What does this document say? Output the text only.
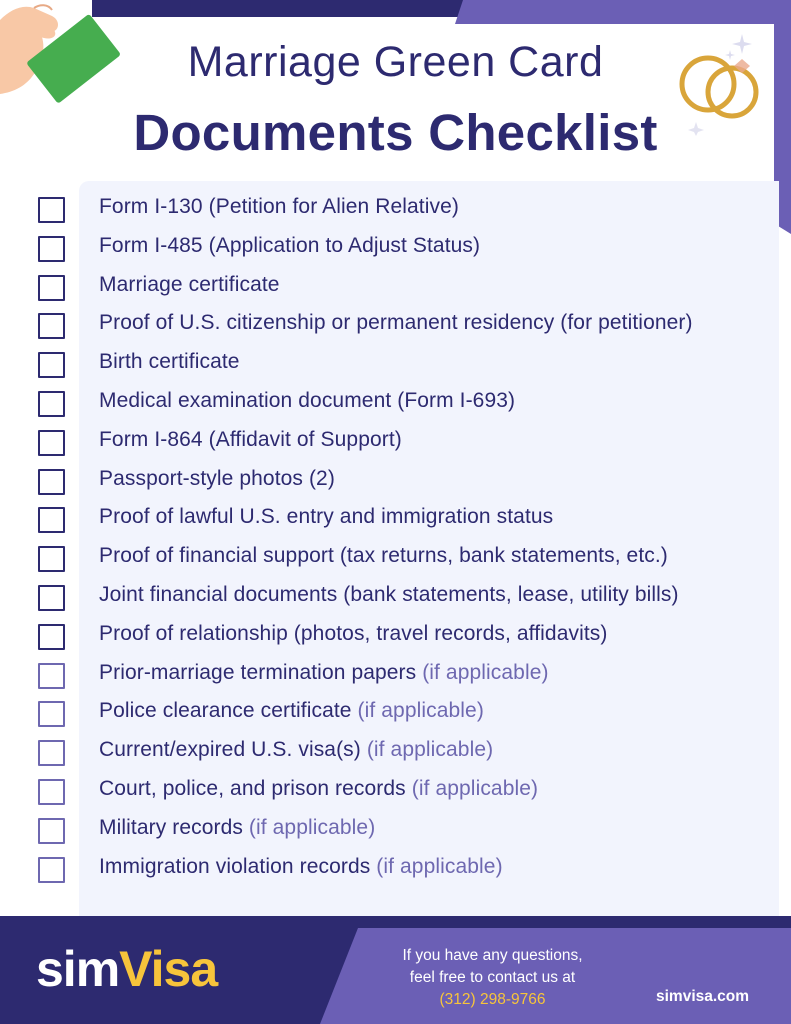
Marriage Green Card
Documents Checklist
Form I-130 (Petition for Alien Relative)
Form I-485 (Application to Adjust Status)
Marriage certificate
Proof of U.S. citizenship or permanent residency (for petitioner)
Birth certificate
Medical examination document (Form I-693)
Form I-864 (Affidavit of Support)
Passport-style photos (2)
Proof of lawful U.S. entry and immigration status
Proof of financial support (tax returns, bank statements, etc.)
Joint financial documents (bank statements, lease, utility bills)
Proof of relationship (photos, travel records, affidavits)
Prior-marriage termination papers (if applicable)
Police clearance certificate (if applicable)
Current/expired U.S. visa(s) (if applicable)
Court, police, and prison records (if applicable)
Military records (if applicable)
Immigration violation records (if applicable)
simVisa	If you have any questions,
feel free to contact us at
(312) 298-9766	simvisa.com
